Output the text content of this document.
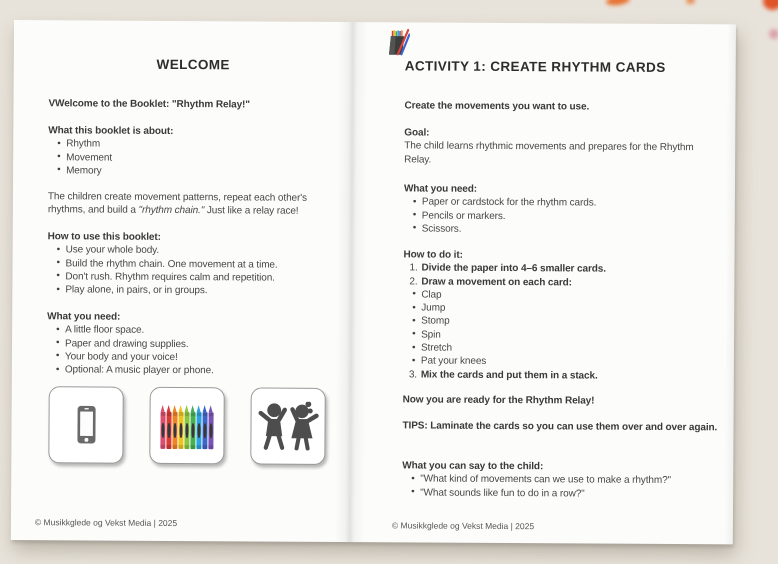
WELCOME
VWelcome to the Booklet: "Rhythm Relay!"
What this booklet is about:
• Rhythm
• Movement
• Memory
The children create movement patterns, repeat each other's rhythms, and build a "rhythm chain." Just like a relay race!
How to use this booklet:
• Use your whole body.
• Build the rhythm chain. One movement at a time.
• Don't rush. Rhythm requires calm and repetition.
• Play alone, in pairs, or in groups.
What you need:
• A little floor space.
• Paper and drawing supplies.
• Your body and your voice!
• Optional: A music player or phone.
© Musikkglede og Vekst Media | 2025
ACTIVITY 1: CREATE RHYTHM CARDS
Create the movements you want to use.
Goal:
The child learns rhythmic movements and prepares for the Rhythm Relay.
What you need:
• Paper or cardstock for the rhythm cards.
• Pencils or markers.
• Scissors.
How to do it:
1. Divide the paper into 4–6 smaller cards.
2. Draw a movement on each card:
• Clap
• Jump
• Stomp
• Spin
• Stretch
• Pat your knees
3. Mix the cards and put them in a stack.
Now you are ready for the Rhythm Relay!
TIPS: Laminate the cards so you can use them over and over again.
What you can say to the child:
• "What kind of movements can we use to make a rhythm?"
• "What sounds like fun to do in a row?"
© Musikkglede og Vekst Media | 2025
